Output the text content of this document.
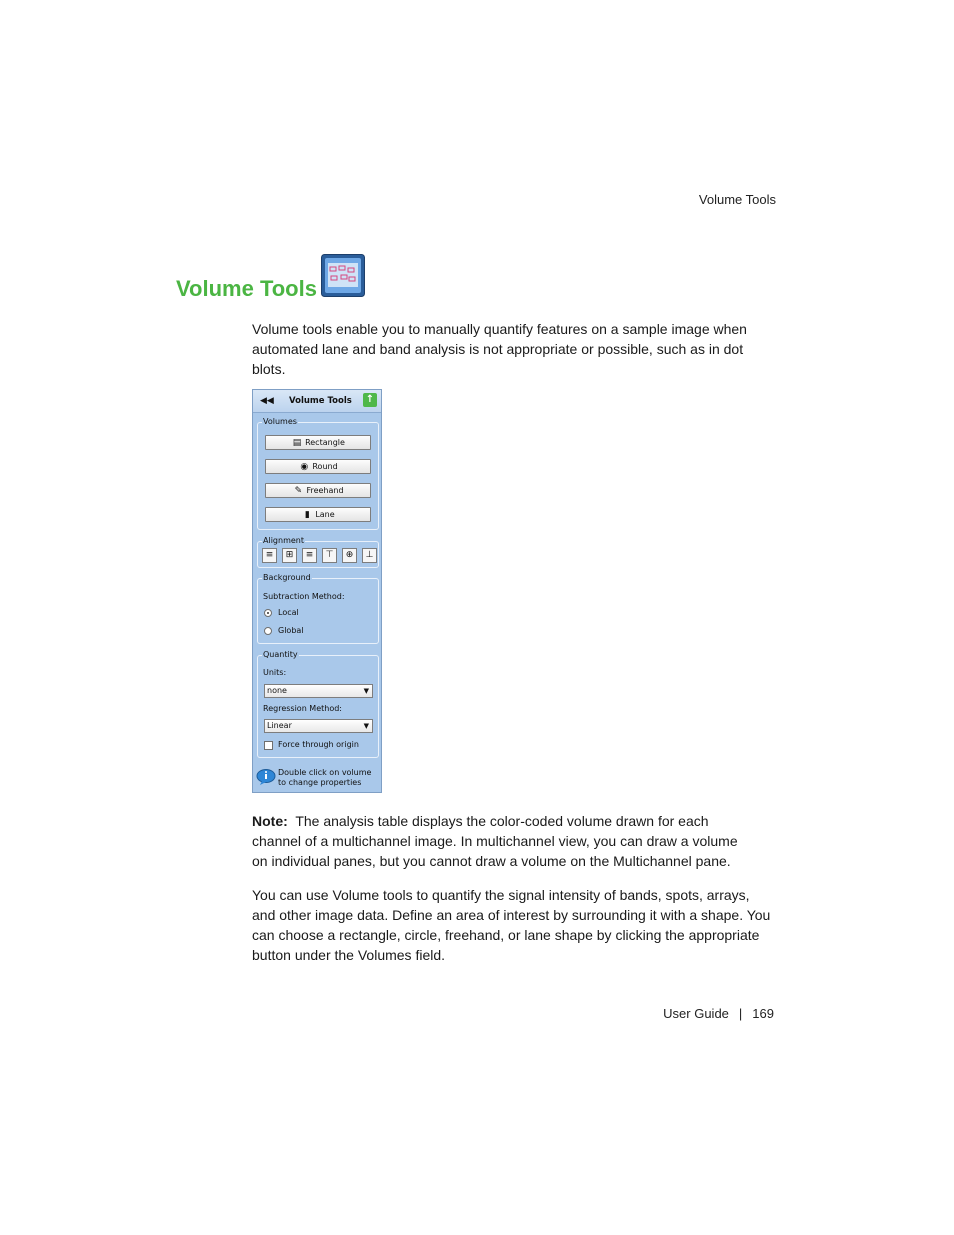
Volume Tools
Volume Tools

Volume tools enable you to manually quantify features on a sample image when automated lane and band analysis is not appropriate or possible, such as in dot blots.

◀◀ Volume Tools ↑
Volumes
▤ Rectangle
◉ Round
✎ Freehand
▮ Lane
Alignment
≡	⊞	≡	⊤	⊕	⊥
Background
Subtraction Method:
Local
Global
Quantity
Units:
none	▼
Regression Method:
Linear	▼
Force through origin
Double click on volume to change properties

Note: The analysis table displays the color-coded volume drawn for each channel of a multichannel image. In multichannel view, you can draw a volume on individual panes, but you cannot draw a volume on the Multichannel pane.

You can use Volume tools to quantify the signal intensity of bands, spots, arrays, and other image data. Define an area of interest by surrounding it with a shape. You can choose a rectangle, circle, freehand, or lane shape by clicking the appropriate button under the Volumes field.

User Guide | 169
